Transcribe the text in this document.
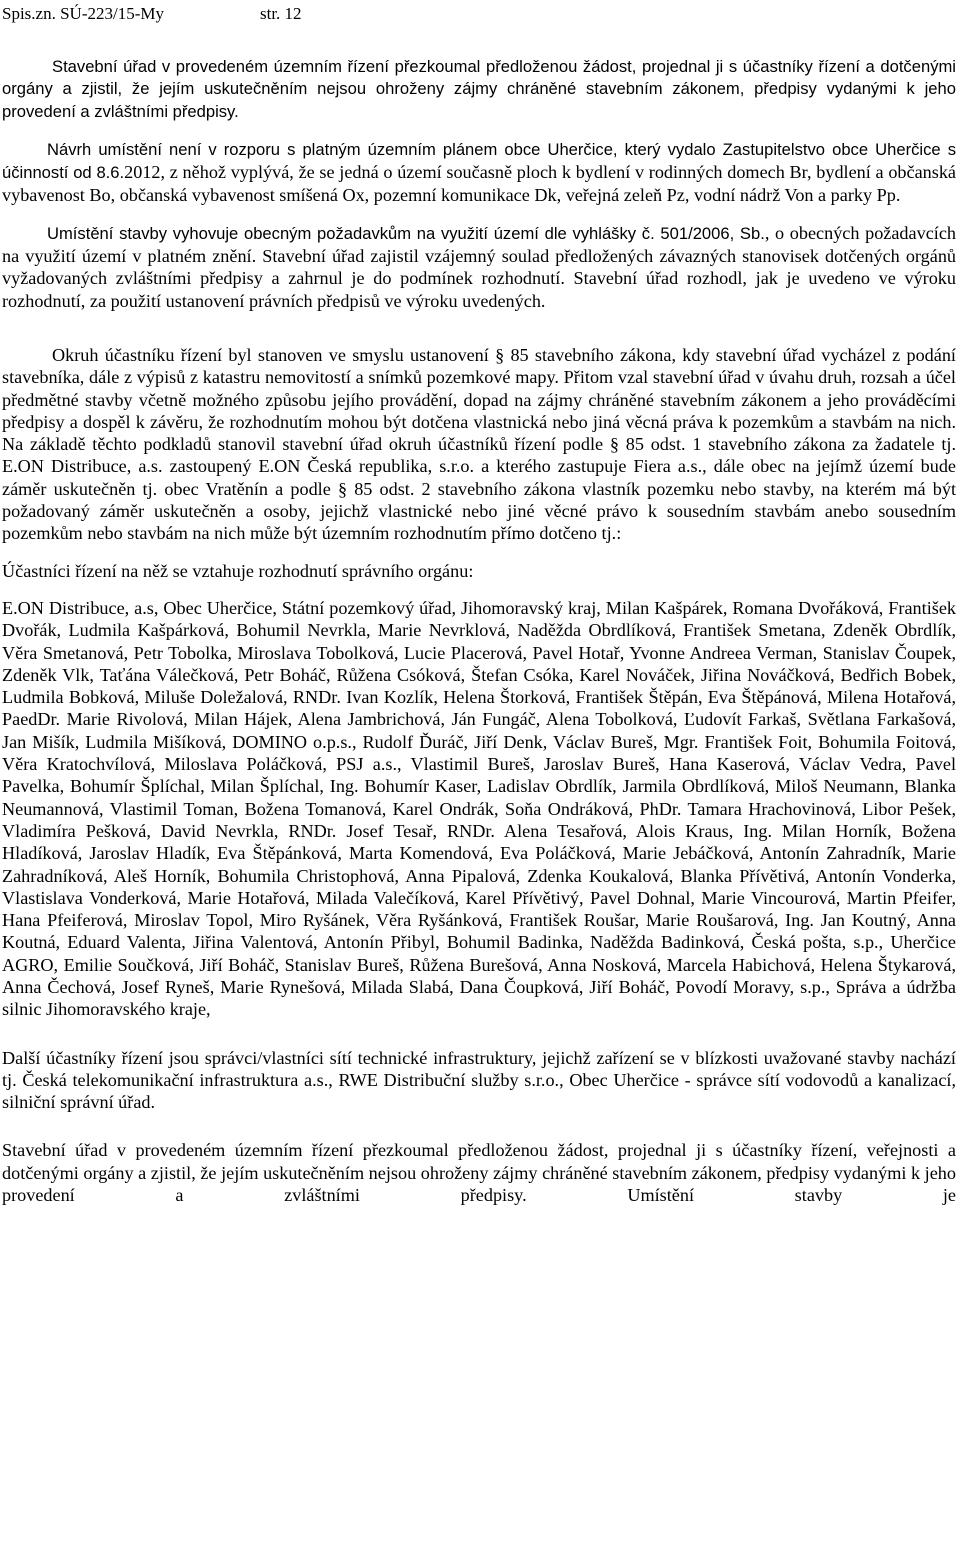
Spis.zn. SÚ-223/15-My	str. 12

Stavební úřad v provedeném územním řízení přezkoumal předloženou žádost, projednal ji s účastníky řízení a dotčenými orgány a zjistil, že jejím uskutečněním nejsou ohroženy zájmy chráněné stavebním zákonem, předpisy vydanými k jeho provedení a zvláštními předpisy.

Návrh umístění není v rozporu s platným územním plánem obce Uherčice, který vydalo Zastupitelstvo obce Uherčice s účinností od 8.6.2012, z něhož vyplývá, že se jedná o území současně ploch k bydlení v rodinných domech Br, bydlení a občanská vybavenost Bo, občanská vybavenost smíšená Ox, pozemní komunikace Dk, veřejná zeleň Pz, vodní nádrž Von a parky Pp.

Umístění stavby vyhovuje obecným požadavkům na využití území dle vyhlášky č. 501/2006, Sb., o obecných požadavcích na využití území v platném znění. Stavební úřad zajistil vzájemný soulad předložených závazných stanovisek dotčených orgánů vyžadovaných zvláštními předpisy a zahrnul je do podmínek rozhodnutí. Stavební úřad rozhodl, jak je uvedeno ve výroku rozhodnutí, za použití ustanovení právních předpisů ve výroku uvedených.

Okruh účastníku řízení byl stanoven ve smyslu ustanovení § 85 stavebního zákona, kdy stavební úřad vycházel z podání stavebníka, dále z výpisů z katastru nemovitostí a snímků pozemkové mapy. Přitom vzal stavební úřad v úvahu druh, rozsah a účel předmětné stavby včetně možného způsobu jejího provádění, dopad na zájmy chráněné stavebním zákonem a jeho prováděcími předpisy a dospěl k závěru, že rozhodnutím mohou být dotčena vlastnická nebo jiná věcná práva k pozemkům a stavbám na nich. Na základě těchto podkladů stanovil stavební úřad okruh účastníků řízení podle § 85 odst. 1 stavebního zákona za žadatele tj. E.ON Distribuce, a.s. zastoupený E.ON Česká republika, s.r.o. a kterého zastupuje Fiera a.s., dále obec na jejímž území bude záměr uskutečněn tj. obec Vratěnín a podle § 85 odst. 2 stavebního zákona vlastník pozemku nebo stavby, na kterém má být požadovaný záměr uskutečněn a osoby, jejichž vlastnické nebo jiné věcné právo k sousedním stavbám anebo sousedním pozemkům nebo stavbám na nich může být územním rozhodnutím přímo dotčeno tj.:

Účastníci řízení na něž se vztahuje rozhodnutí správního orgánu:

E.ON Distribuce, a.s, Obec Uherčice, Státní pozemkový úřad, Jihomoravský kraj, Milan Kašpárek, Romana Dvořáková, František Dvořák, Ludmila Kašpárková, Bohumil Nevrkla, Marie Nevrklová, Naděžda Obrdlíková, František Smetana, Zdeněk Obrdlík, Věra Smetanová, Petr Tobolka, Miroslava Tobolková, Lucie Placerová, Pavel Hotař, Yvonne Andreea Verman, Stanislav Čoupek, Zdeněk Vlk, Taťána Válečková, Petr Boháč, Růžena Csóková, Štefan Csóka, Karel Nováček, Jiřina Nováčková, Bedřich Bobek, Ludmila Bobková, Miluše Doležalová, RNDr. Ivan Kozlík, Helena Štorková, František Štěpán, Eva Štěpánová, Milena Hotařová, PaedDr. Marie Rivolová, Milan Hájek, Alena Jambrichová, Ján Fungáč, Alena Tobolková, Ľudovít Farkaš, Světlana Farkašová, Jan Mišík, Ludmila Mišíková, DOMINO o.p.s., Rudolf Ďuráč, Jiří Denk, Václav Bureš, Mgr. František Foit, Bohumila Foitová, Věra Kratochvílová, Miloslava Poláčková, PSJ a.s., Vlastimil Bureš, Jaroslav Bureš, Hana Kaserová, Václav Vedra, Pavel Pavelka, Bohumír Šplíchal, Milan Šplíchal, Ing. Bohumír Kaser, Ladislav Obrdlík, Jarmila Obrdlíková, Miloš Neumann, Blanka Neumannová, Vlastimil Toman, Božena Tomanová, Karel Ondrák, Soňa Ondráková, PhDr. Tamara Hrachovinová, Libor Pešek, Vladimíra Pešková, David Nevrkla, RNDr. Josef Tesař, RNDr. Alena Tesařová, Alois Kraus, Ing. Milan Horník, Božena Hladíková, Jaroslav Hladík, Eva Štěpánková, Marta Komendová, Eva Poláčková, Marie Jebáčková, Antonín Zahradník, Marie Zahradníková, Aleš Horník, Bohumila Christophová, Anna Pipalová, Zdenka Koukalová, Blanka Přívětivá, Antonín Vonderka, Vlastislava Vonderková, Marie Hotařová, Milada Valečíková, Karel Přívětivý, Pavel Dohnal, Marie Vincourová, Martin Pfeifer, Hana Pfeiferová, Miroslav Topol, Miro Ryšánek, Věra Ryšánková, František Roušar, Marie Roušarová, Ing. Jan Koutný, Anna Koutná, Eduard Valenta, Jiřina Valentová, Antonín Přibyl, Bohumil Badinka, Naděžda Badinková, Česká pošta, s.p., Uherčice AGRO, Emilie Součková, Jiří Boháč, Stanislav Bureš, Růžena Burešová, Anna Nosková, Marcela Habichová, Helena Štykarová, Anna Čechová, Josef Ryneš, Marie Rynešová, Milada Slabá, Dana Čoupková, Jiří Boháč, Povodí Moravy, s.p., Správa a údržba silnic Jihomoravského kraje,

Další účastníky řízení jsou správci/vlastníci sítí technické infrastruktury, jejichž zařízení se v blízkosti uvažované stavby nachází tj. Česká telekomunikační infrastruktura a.s., RWE Distribuční služby s.r.o., Obec Uherčice - správce sítí vodovodů a kanalizací, silniční správní úřad.

Stavební úřad v provedeném územním řízení přezkoumal předloženou žádost, projednal ji s účastníky řízení, veřejnosti a dotčenými orgány a zjistil, že jejím uskutečněním nejsou ohroženy zájmy chráněné stavebním zákonem, předpisy vydanými k jeho provedení a zvláštními předpisy. Umístění stavby je
